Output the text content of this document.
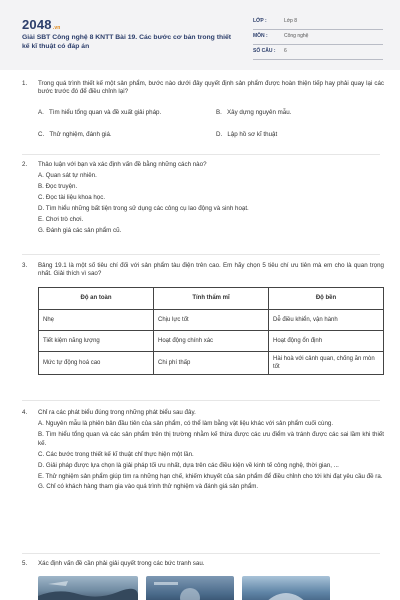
2048.vn
Giải SBT Công nghệ 8 KNTT Bài 19. Các bước cơ bản trong thiết kế kĩ thuật có đáp án
LỚP :	Lớp 8
MÔN :	Công nghệ
SỐ CÂU : 6
1. Trong quá trình thiết kế một sản phẩm, bước nào dưới đây quyết định sản phẩm được hoàn thiện tiếp hay phải quay lại các bước trước đó để điều chỉnh lại?
A. Tìm hiểu tổng quan và đề xuất giải pháp.	B. Xây dựng nguyên mẫu.
C. Thử nghiệm, đánh giá.	D. Lập hồ sơ kĩ thuật
2. Thảo luận với bạn và xác định vấn đề bằng những cách nào?
A. Quan sát tự nhiên.
B. Đọc truyện.
C. Đọc tài liệu khoa học.
D. Tìm hiểu những bất tiện trong sử dụng các công cụ lao động và sinh hoạt.
E. Chơi trò chơi.
G. Đánh giá các sản phẩm cũ.
3. Bảng 19.1 là một số tiêu chí đối với sản phẩm tàu điện trên cao. Em hãy chọn 5 tiêu chí ưu tiên mà em cho là quan trọng nhất. Giải thích vì sao?
Độ an toàn	Tính thẩm mĩ	Độ bền
Nhẹ	Chịu lực tốt	Dễ điều khiển, vận hành
Tiết kiệm năng lượng	Hoạt động chính xác	Hoạt động ổn định
Mức tự động hoá cao	Chi phí thấp	Hài hoà với cảnh quan, chống ăn mòn tốt
4. Chỉ ra các phát biểu đúng trong những phát biểu sau đây.
A. Nguyên mẫu là phiên bản đầu tiên của sản phẩm, có thể làm bằng vật liệu khác với sản phẩm cuối cùng.
B. Tìm hiểu tổng quan và các sản phẩm trên thị trường nhằm kế thừa được các ưu điểm và tránh được các sai lầm khi thiết kế.
C. Các bước trong thiết kế kĩ thuật chỉ thực hiện một lần.
D. Giải pháp được lựa chọn là giải pháp tối ưu nhất, dựa trên các điều kiện về kinh tế công nghệ, thời gian, ...
E. Thử nghiệm sản phẩm giúp tìm ra những hạn chế, khiếm khuyết của sản phẩm để điều chỉnh cho tới khi đạt yêu cầu đề ra.
G. Chỉ có khách hàng tham gia vào quá trình thử nghiệm và đánh giá sản phẩm.
5. Xác định vấn đề cần phải giải quyết trong các bức tranh sau.
